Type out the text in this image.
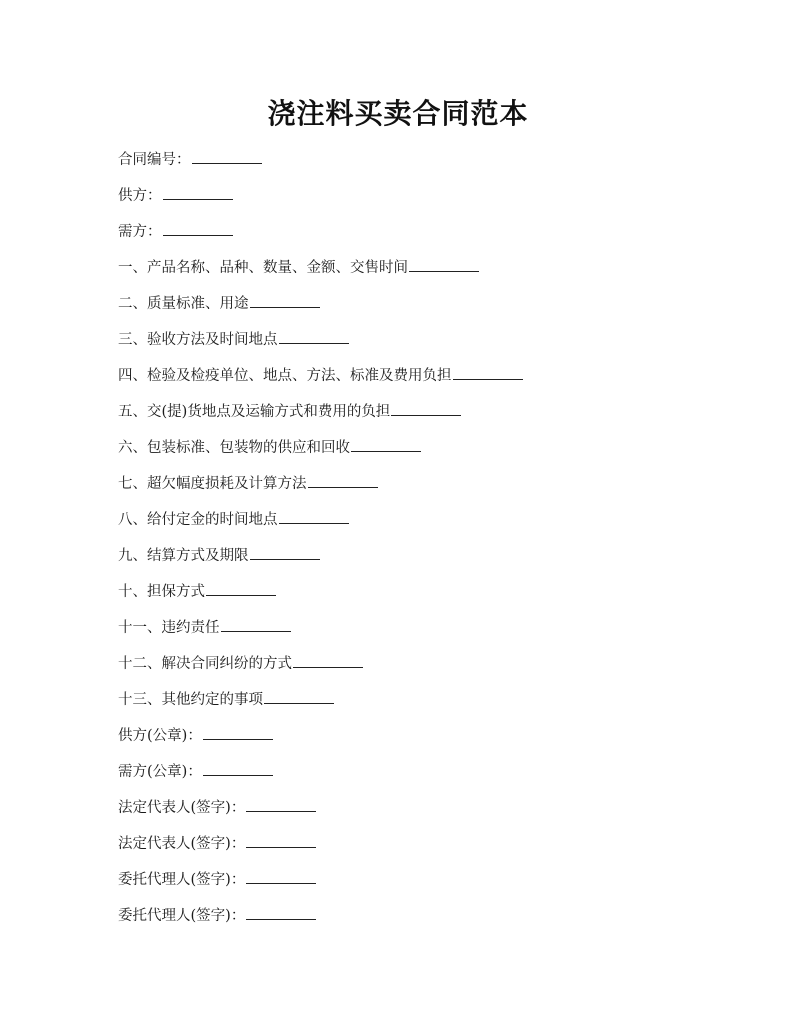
浇注料买卖合同范本
合同编号：
供方：
需方：
一、产品名称、品种、数量、金额、交售时间
二、质量标准、用途
三、验收方法及时间地点
四、检验及检疫单位、地点、方法、标准及费用负担
五、交(提)货地点及运输方式和费用的负担
六、包装标准、包装物的供应和回收
七、超欠幅度损耗及计算方法
八、给付定金的时间地点
九、结算方式及期限
十、担保方式
十一、违约责任
十二、解决合同纠纷的方式
十三、其他约定的事项
供方(公章)：
需方(公章)：
法定代表人(签字)：
法定代表人(签字)：
委托代理人(签字)：
委托代理人(签字)：
